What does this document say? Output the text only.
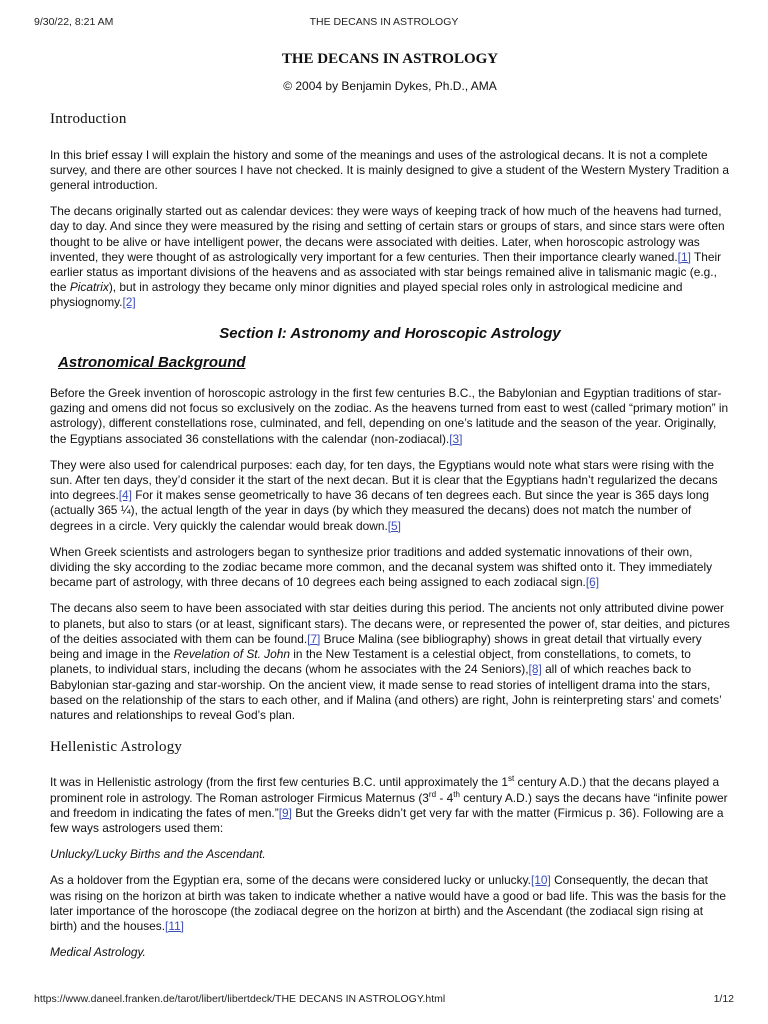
9/30/22, 8:21 AM	THE DECANS IN ASTROLOGY
THE DECANS IN ASTROLOGY
© 2004 by Benjamin Dykes, Ph.D., AMA
Introduction

In this brief essay I will explain the history and some of the meanings and uses of the astrological decans. It is not a complete survey, and there are other sources I have not checked. It is mainly designed to give a student of the Western Mystery Tradition a general introduction.

The decans originally started out as calendar devices: they were ways of keeping track of how much of the heavens had turned, day to day. And since they were measured by the rising and setting of certain stars or groups of stars, and since stars were often thought to be alive or have intelligent power, the decans were associated with deities. Later, when horoscopic astrology was invented, they were thought of as astrologically very important for a few centuries. Then their importance clearly waned.[1] Their earlier status as important divisions of the heavens and as associated with star beings remained alive in talismanic magic (e.g., the Picatrix), but in astrology they became only minor dignities and played special roles only in astrological medicine and physiognomy.[2]

Section I: Astronomy and Horoscopic Astrology
Astronomical Background

Before the Greek invention of horoscopic astrology in the first few centuries B.C., the Babylonian and Egyptian traditions of star-gazing and omens did not focus so exclusively on the zodiac. As the heavens turned from east to west (called “primary motion” in astrology), different constellations rose, culminated, and fell, depending on one’s latitude and the season of the year. Originally, the Egyptians associated 36 constellations with the calendar (non-zodiacal).[3]

They were also used for calendrical purposes: each day, for ten days, the Egyptians would note what stars were rising with the sun. After ten days, they’d consider it the start of the next decan. But it is clear that the Egyptians hadn’t regularized the decans into degrees.[4] For it makes sense geometrically to have 36 decans of ten degrees each. But since the year is 365 days long (actually 365 ¼), the actual length of the year in days (by which they measured the decans) does not match the number of degrees in a circle. Very quickly the calendar would break down.[5]

When Greek scientists and astrologers began to synthesize prior traditions and added systematic innovations of their own, dividing the sky according to the zodiac became more common, and the decanal system was shifted onto it. They immediately became part of astrology, with three decans of 10 degrees each being assigned to each zodiacal sign.[6]

The decans also seem to have been associated with star deities during this period. The ancients not only attributed divine power to planets, but also to stars (or at least, significant stars). The decans were, or represented the power of, star deities, and pictures of the deities associated with them can be found.[7] Bruce Malina (see bibliography) shows in great detail that virtually every being and image in the Revelation of St. John in the New Testament is a celestial object, from constellations, to comets, to planets, to individual stars, including the decans (whom he associates with the 24 Seniors),[8] all of which reaches back to Babylonian star-gazing and star-worship. On the ancient view, it made sense to read stories of intelligent drama into the stars, based on the relationship of the stars to each other, and if Malina (and others) are right, John is reinterpreting stars’ and comets’ natures and relationships to reveal God’s plan.

Hellenistic Astrology

It was in Hellenistic astrology (from the first few centuries B.C. until approximately the 1st century A.D.) that the decans played a prominent role in astrology. The Roman astrologer Firmicus Maternus (3rd - 4th century A.D.) says the decans have “infinite power and freedom in indicating the fates of men.”[9] But the Greeks didn’t get very far with the matter (Firmicus p. 36). Following are a few ways astrologers used them:

Unlucky/Lucky Births and the Ascendant.

As a holdover from the Egyptian era, some of the decans were considered lucky or unlucky.[10] Consequently, the decan that was rising on the horizon at birth was taken to indicate whether a native would have a good or bad life. This was the basis for the later importance of the horoscope (the zodiacal degree on the horizon at birth) and the Ascendant (the zodiacal sign rising at birth) and the houses.[11]

Medical Astrology.

https://www.daneel.franken.de/tarot/libert/libertdeck/THE DECANS IN ASTROLOGY.html	1/12
